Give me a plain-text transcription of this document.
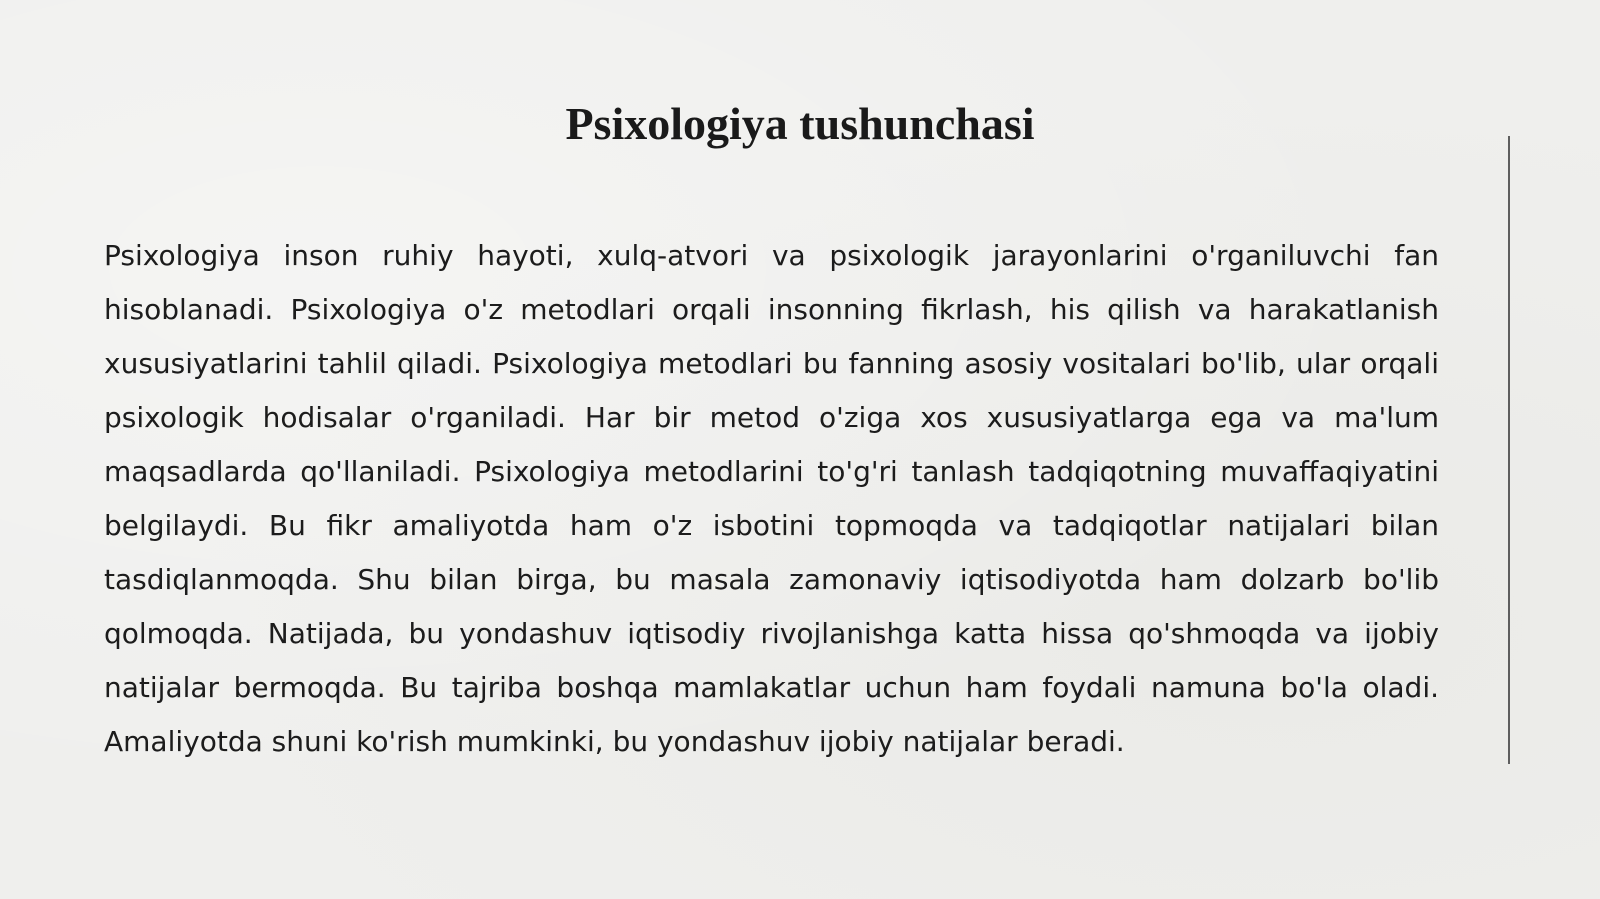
Psixologiya tushunchasi

Psixologiya inson ruhiy hayoti, xulq-atvori va psixologik jarayonlarini o'rganiluvchi fan hisoblanadi. Psixologiya o'z metodlari orqali insonning fikrlash, his qilish va harakatlanish xususiyatlarini tahlil qiladi. Psixologiya metodlari bu fanning asosiy vositalari bo'lib, ular orqali psixologik hodisalar o'rganiladi. Har bir metod o'ziga xos xususiyatlarga ega va ma'lum maqsadlarda qo'llaniladi. Psixologiya metodlarini to'g'ri tanlash tadqiqotning muvaffaqiyatini belgilaydi. Bu fikr amaliyotda ham o'z isbotini topmoqda va tadqiqotlar natijalari bilan tasdiqlanmoqda. Shu bilan birga, bu masala zamonaviy iqtisodiyotda ham dolzarb bo'lib qolmoqda. Natijada, bu yondashuv iqtisodiy rivojlanishga katta hissa qo'shmoqda va ijobiy natijalar bermoqda. Bu tajriba boshqa mamlakatlar uchun ham foydali namuna bo'la oladi. Amaliyotda shuni ko'rish mumkinki, bu yondashuv ijobiy natijalar beradi.
